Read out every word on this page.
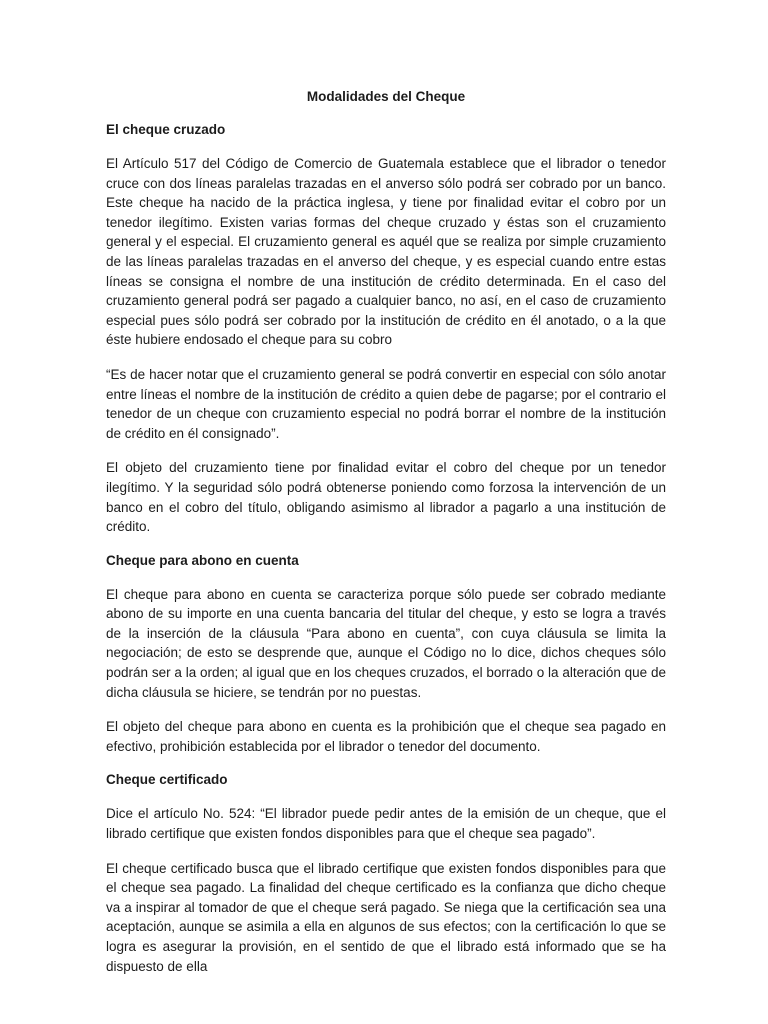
Modalidades del Cheque
El cheque cruzado

El Artículo 517 del Código de Comercio de Guatemala establece que el librador o tenedor cruce con dos líneas paralelas trazadas en el anverso sólo podrá ser cobrado por un banco. Este cheque ha nacido de la práctica inglesa, y tiene por finalidad evitar el cobro por un tenedor ilegítimo. Existen varias formas del cheque cruzado y éstas son el cruzamiento general y el especial. El cruzamiento general es aquél que se realiza por simple cruzamiento de las líneas paralelas trazadas en el anverso del cheque, y es especial cuando entre estas líneas se consigna el nombre de una institución de crédito determinada. En el caso del cruzamiento general podrá ser pagado a cualquier banco, no así, en el caso de cruzamiento especial pues sólo podrá ser cobrado por la institución de crédito en él anotado, o a la que éste hubiere endosado el cheque para su cobro

“Es de hacer notar que el cruzamiento general se podrá convertir en especial con sólo anotar entre líneas el nombre de la institución de crédito a quien debe de pagarse; por el contrario el tenedor de un cheque con cruzamiento especial no podrá borrar el nombre de la institución de crédito en él consignado”.

El objeto del cruzamiento tiene por finalidad evitar el cobro del cheque por un tenedor ilegítimo. Y la seguridad sólo podrá obtenerse poniendo como forzosa la intervención de un banco en el cobro del título, obligando asimismo al librador a pagarlo a una institución de crédito.

Cheque para abono en cuenta

El cheque para abono en cuenta se caracteriza porque sólo puede ser cobrado mediante abono de su importe en una cuenta bancaria del titular del cheque, y esto se logra a través de la inserción de la cláusula “Para abono en cuenta”, con cuya cláusula se limita la negociación; de esto se desprende que, aunque el Código no lo dice, dichos cheques sólo podrán ser a la orden; al igual que en los cheques cruzados, el borrado o la alteración que de dicha cláusula se hiciere, se tendrán por no puestas.

El objeto del cheque para abono en cuenta es la prohibición que el cheque sea pagado en efectivo, prohibición establecida por el librador o tenedor del documento.

Cheque certificado

Dice el artículo No. 524: “El librador puede pedir antes de la emisión de un cheque, que el librado certifique que existen fondos disponibles para que el cheque sea pagado”.

El cheque certificado busca que el librado certifique que existen fondos disponibles para que el cheque sea pagado. La finalidad del cheque certificado es la confianza que dicho cheque va a inspirar al tomador de que el cheque será pagado. Se niega que la certificación sea una aceptación, aunque se asimila a ella en algunos de sus efectos; con la certificación lo que se logra es asegurar la provisión, en el sentido de que el librado está informado que se ha dispuesto de ella
